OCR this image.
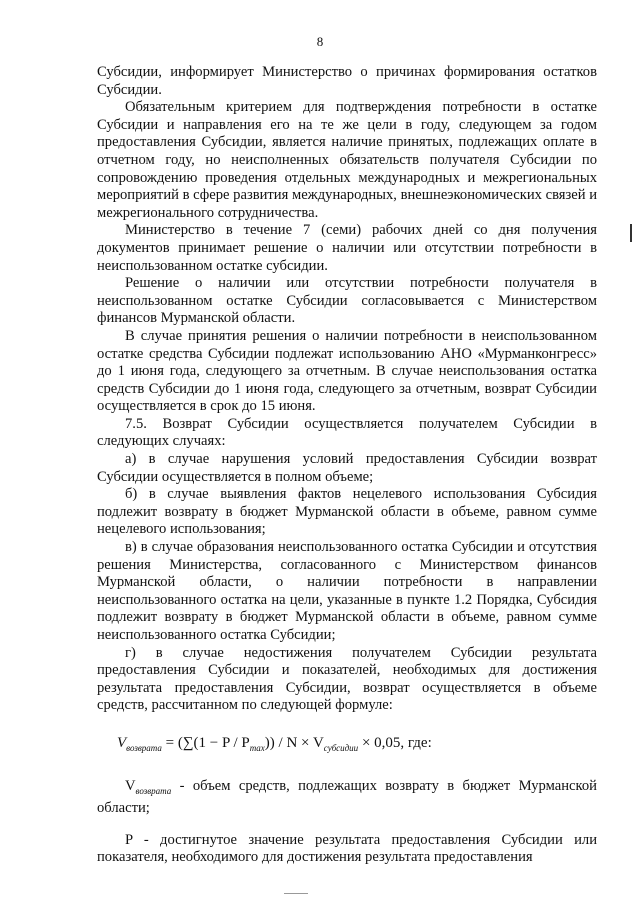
8

Субсидии, информирует Министерство о причинах формирования остатков Субсидии.

Обязательным критерием для подтверждения потребности в остатке Субсидии и направления его на те же цели в году, следующем за годом предоставления Субсидии, является наличие принятых, подлежащих оплате в отчетном году, но неисполненных обязательств получателя Субсидии по сопровождению проведения отдельных международных и межрегиональных мероприятий в сфере развития международных, внешнеэкономических связей и межрегионального сотрудничества.

Министерство в течение 7 (семи) рабочих дней со дня получения документов принимает решение о наличии или отсутствии потребности в неиспользованном остатке субсидии.

Решение о наличии или отсутствии потребности получателя в неиспользованном остатке Субсидии согласовывается с Министерством финансов Мурманской области.

В случае принятия решения о наличии потребности в неиспользованном остатке средства Субсидии подлежат использованию АНО «Мурманконгресс» до 1 июня года, следующего за отчетным. В случае неиспользования остатка средств Субсидии до 1 июня года, следующего за отчетным, возврат Субсидии осуществляется в срок до 15 июня.

7.5. Возврат Субсидии осуществляется получателем Субсидии в следующих случаях:

а) в случае нарушения условий предоставления Субсидии возврат Субсидии осуществляется в полном объеме;

б) в случае выявления фактов нецелевого использования Субсидия подлежит возврату в бюджет Мурманской области в объеме, равном сумме нецелевого использования;

в) в случае образования неиспользованного остатка Субсидии и отсутствия решения Министерства, согласованного с Министерством финансов Мурманской области, о наличии потребности в направлении неиспользованного остатка на цели, указанные в пункте 1.2 Порядка, Субсидия подлежит возврату в бюджет Мурманской области в объеме, равном сумме неиспользованного остатка Субсидии;

г) в случае недостижения получателем Субсидии результата предоставления Субсидии и показателей, необходимых для достижения результата предоставления Субсидии, возврат осуществляется в объеме средств, рассчитанном по следующей формуле:

$V_{возврата} = (\sum(1 - P / P_{max})) / N \times V_{субсидии} \times 0,05$, где:

$V_{возврата}$ - объем средств, подлежащих возврату в бюджет Мурманской области;

P - достигнутое значение результата предоставления Субсидии или показателя, необходимого для достижения результата предоставления
